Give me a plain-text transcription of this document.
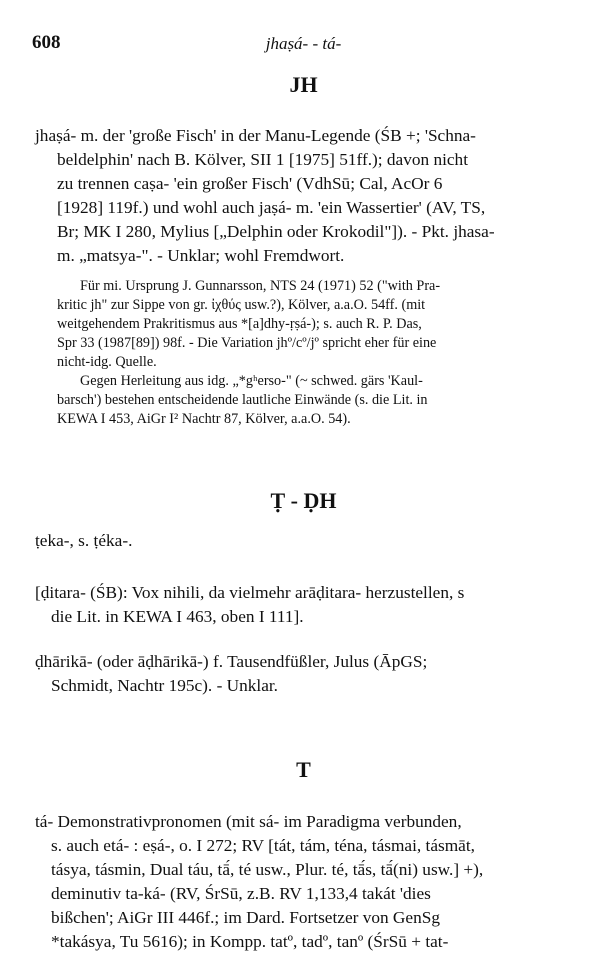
608	jhaṣá- - tá-
JH
jhaṣá- m. der 'große Fisch' in der Manu-Legende (ŚB +; 'Schna-
beldelphin' nach B. Kölver, SII 1 [1975] 51ff.); davon nicht
zu trennen caṣa- 'ein großer Fisch' (VdhSū; Cal, AcOr 6
[1928] 119f.) und wohl auch jaṣá- m. 'ein Wassertier' (AV, TS,
Br; MK I 280, Mylius [„Delphin oder Krokodil"]). - Pkt. jhasa-
m. „matsya-". - Unklar; wohl Fremdwort.
Für mi. Ursprung J. Gunnarsson, NTS 24 (1971) 52 ("with Pra-
kritic jh" zur Sippe von gr. ἰχθύς usw.?), Kölver, a.a.O. 54ff. (mit
weitgehendem Prakritismus aus *[a]dhy-ṛṣá-); s. auch R. P. Das,
Spr 33 (1987[89]) 98f. - Die Variation jhº/cº/jº spricht eher für eine
nicht-idg. Quelle.
Gegen Herleitung aus idg. „*gʰerso-" (~ schwed. gärs 'Kaul-
barsch') bestehen entscheidende lautliche Einwände (s. die Lit. in
KEWA I 453, AiGr I² Nachtr 87, Kölver, a.a.O. 54).
Ṭ - ḌH
ṭeka-, s. ṭéka-.
[ḍitara- (ŚB): Vox nihili, da vielmehr arāḍitara- herzustellen, s
die Lit. in KEWA I 463, oben I 111].
ḍhārikā- (oder āḍhārikā-) f. Tausendfüßler, Julus (ĀpGS;
Schmidt, Nachtr 195c). - Unklar.
T
tá- Demonstrativpronomen (mit sá- im Paradigma verbunden,
s. auch etá- : eṣá-, o. I 272; RV [tát, tám, téna, tásmai, tásmāt,
tásya, tásmin, Dual táu, tā́, té usw., Plur. té, tā́s, tā́(ni) usw.] +),
deminutiv ta-ká- (RV, ŚrSū, z.B. RV 1,133,4 takát 'dies
bißchen'; AiGr III 446f.; im Dard. Fortsetzer von GenSg
*takásya, Tu 5616); in Kompp. tatº, tadº, tanº (ŚrSū + tat-
